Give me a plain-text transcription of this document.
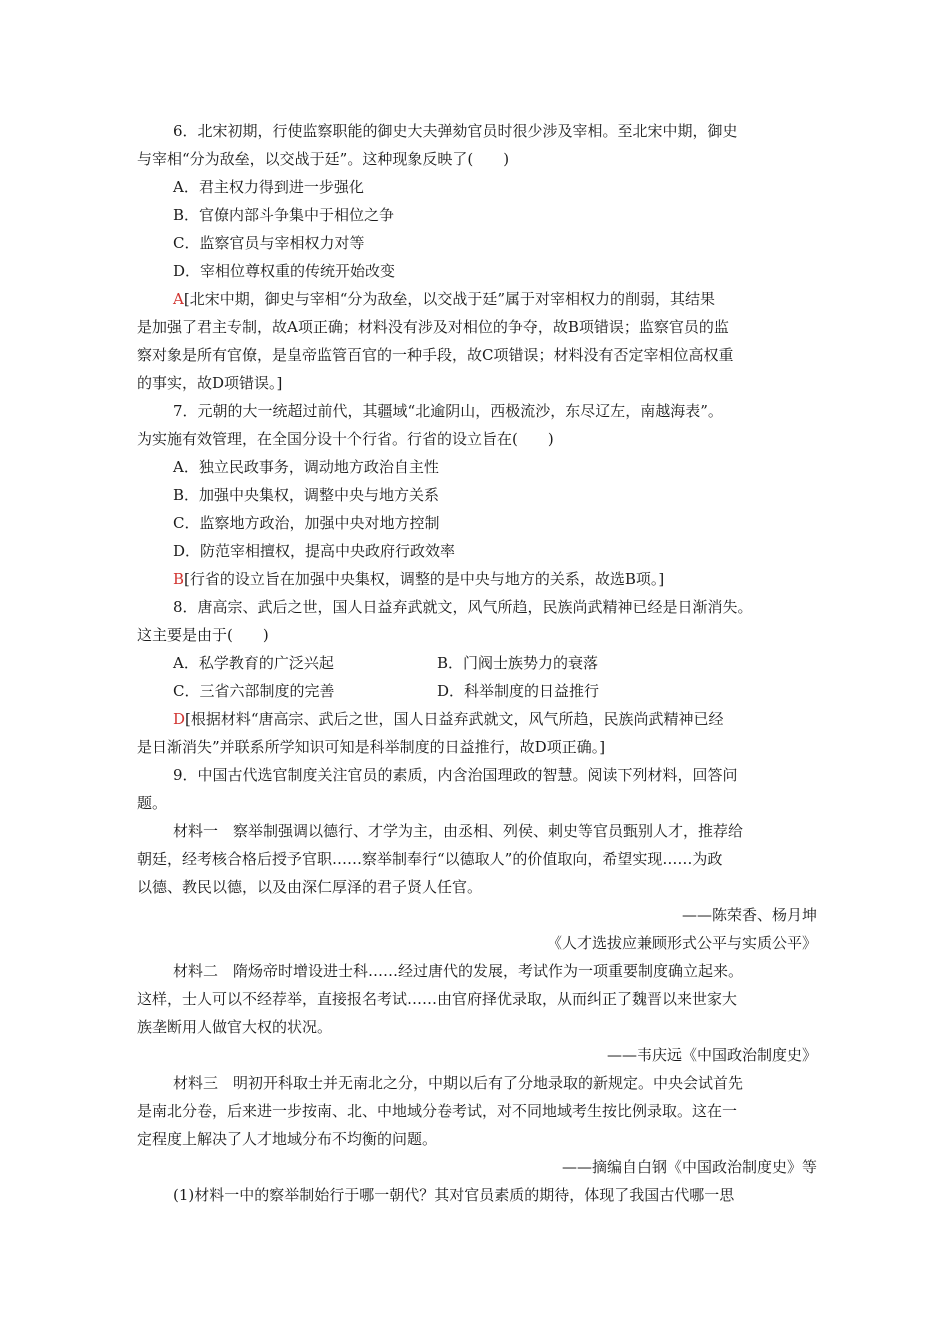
6．北宋初期，行使监察职能的御史大夫弹劾官员时很少涉及宰相。至北宋中期，御史
与宰相“分为敌垒，以交战于廷”。这种现象反映了(　　)
A．君主权力得到进一步强化
B．官僚内部斗争集中于相位之争
C．监察官员与宰相权力对等
D．宰相位尊权重的传统开始改变
A[北宋中期，御史与宰相“分为敌垒，以交战于廷”属于对宰相权力的削弱，其结果
是加强了君主专制，故A项正确；材料没有涉及对相位的争夺，故B项错误；监察官员的监
察对象是所有官僚，是皇帝监管百官的一种手段，故C项错误；材料没有否定宰相位高权重
的事实，故D项错误。]
7．元朝的大一统超过前代，其疆域“北逾阴山，西极流沙，东尽辽左，南越海表”。
为实施有效管理，在全国分设十个行省。行省的设立旨在(　　)
A．独立民政事务，调动地方政治自主性
B．加强中央集权，调整中央与地方关系
C．监察地方政治，加强中央对地方控制
D．防范宰相擅权，提高中央政府行政效率
B[行省的设立旨在加强中央集权，调整的是中央与地方的关系，故选B项。]
8．唐高宗、武后之世，国人日益弃武就文，风气所趋，民族尚武精神已经是日渐消失。
这主要是由于(　　)
A．私学教育的广泛兴起	B．门阀士族势力的衰落
C．三省六部制度的完善	D．科举制度的日益推行
D[根据材料“唐高宗、武后之世，国人日益弃武就文，风气所趋，民族尚武精神已经
是日渐消失”并联系所学知识可知是科举制度的日益推行，故D项正确。]
9．中国古代选官制度关注官员的素质，内含治国理政的智慧。阅读下列材料，回答问
题。
材料一　察举制强调以德行、才学为主，由丞相、列侯、刺史等官员甄别人才，推荐给
朝廷，经考核合格后授予官职……察举制奉行“以德取人”的价值取向，希望实现……为政
以德、教民以德，以及由深仁厚泽的君子贤人任官。
——陈荣香、杨月坤
《人才选拔应兼顾形式公平与实质公平》
材料二　隋炀帝时增设进士科……经过唐代的发展，考试作为一项重要制度确立起来。
这样，士人可以不经荐举，直接报名考试……由官府择优录取，从而纠正了魏晋以来世家大
族垄断用人做官大权的状况。
——韦庆远《中国政治制度史》
材料三　明初开科取士并无南北之分，中期以后有了分地录取的新规定。中央会试首先
是南北分卷，后来进一步按南、北、中地域分卷考试，对不同地域考生按比例录取。这在一
定程度上解决了人才地域分布不均衡的问题。
——摘编自白钢《中国政治制度史》等
(1)材料一中的察举制始行于哪一朝代？其对官员素质的期待，体现了我国古代哪一思
